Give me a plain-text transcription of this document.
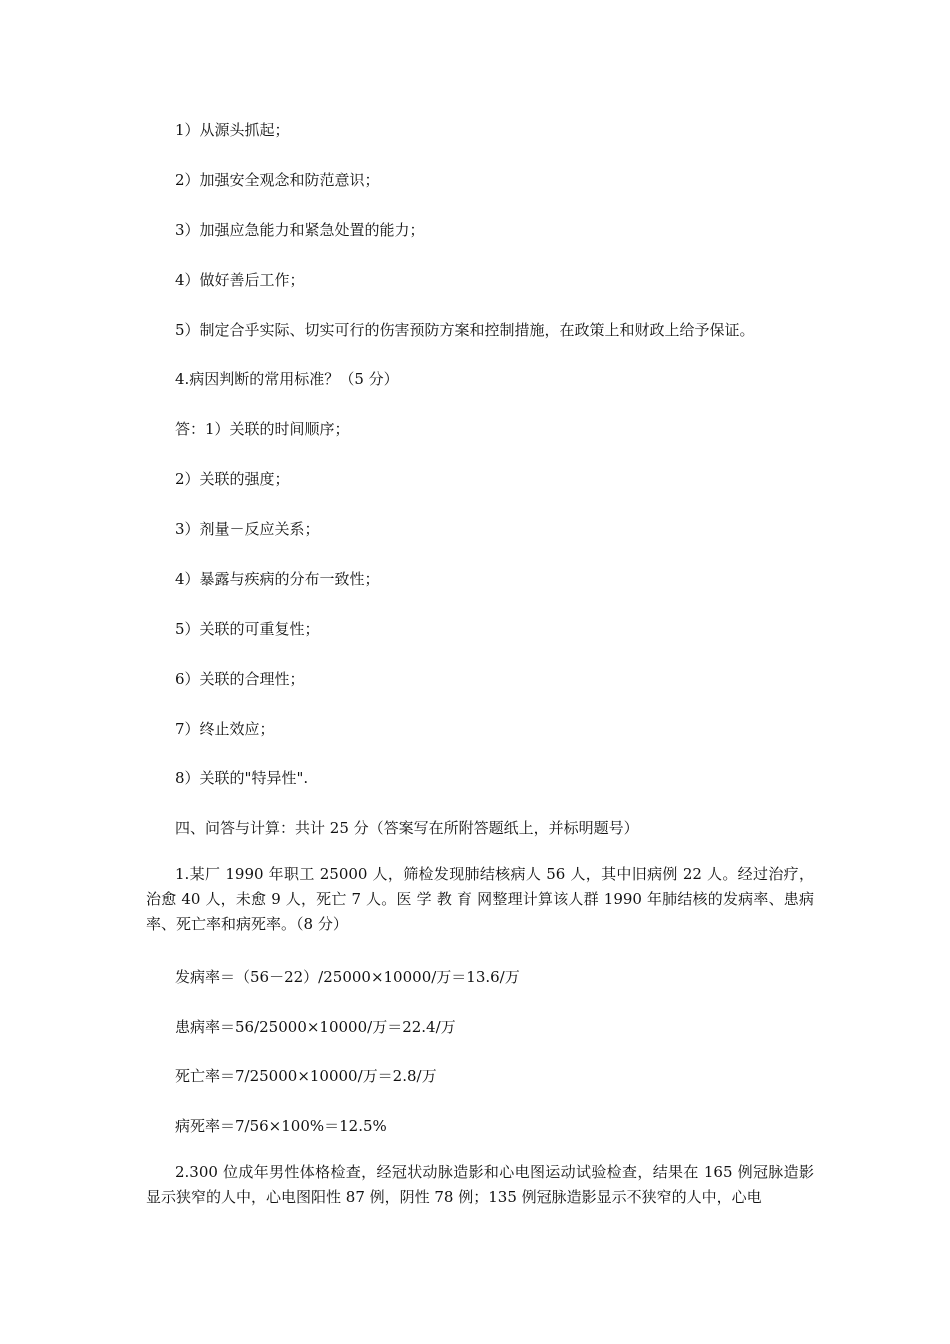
1）从源头抓起；
2）加强安全观念和防范意识；
3）加强应急能力和紧急处置的能力；
4）做好善后工作；
5）制定合乎实际、切实可行的伤害预防方案和控制措施，在政策上和财政上给予保证。
4.病因判断的常用标准？（5 分）
答：1）关联的时间顺序；
2）关联的强度；
3）剂量－反应关系；
4）暴露与疾病的分布一致性；
5）关联的可重复性；
6）关联的合理性；
7）终止效应；
8）关联的"特异性".
四、问答与计算：共计 25 分（答案写在所附答题纸上，并标明题号）
1.某厂 1990 年职工 25000 人，筛检发现肺结核病人 56 人，其中旧病例 22 人。经过治疗，治愈 40 人，未愈 9 人，死亡 7 人。医 学 教 育 网整理计算该人群 1990 年肺结核的发病率、患病率、死亡率和病死率。（8 分）
发病率＝（56－22）/25000×10000/万＝13.6/万
患病率＝56/25000×10000/万＝22.4/万
死亡率＝7/25000×10000/万＝2.8/万
病死率＝7/56×100%＝12.5%
2.300 位成年男性体格检查，经冠状动脉造影和心电图运动试验检查，结果在 165 例冠脉造影显示狭窄的人中，心电图阳性 87 例，阴性 78 例；135 例冠脉造影显示不狭窄的人中，心电
